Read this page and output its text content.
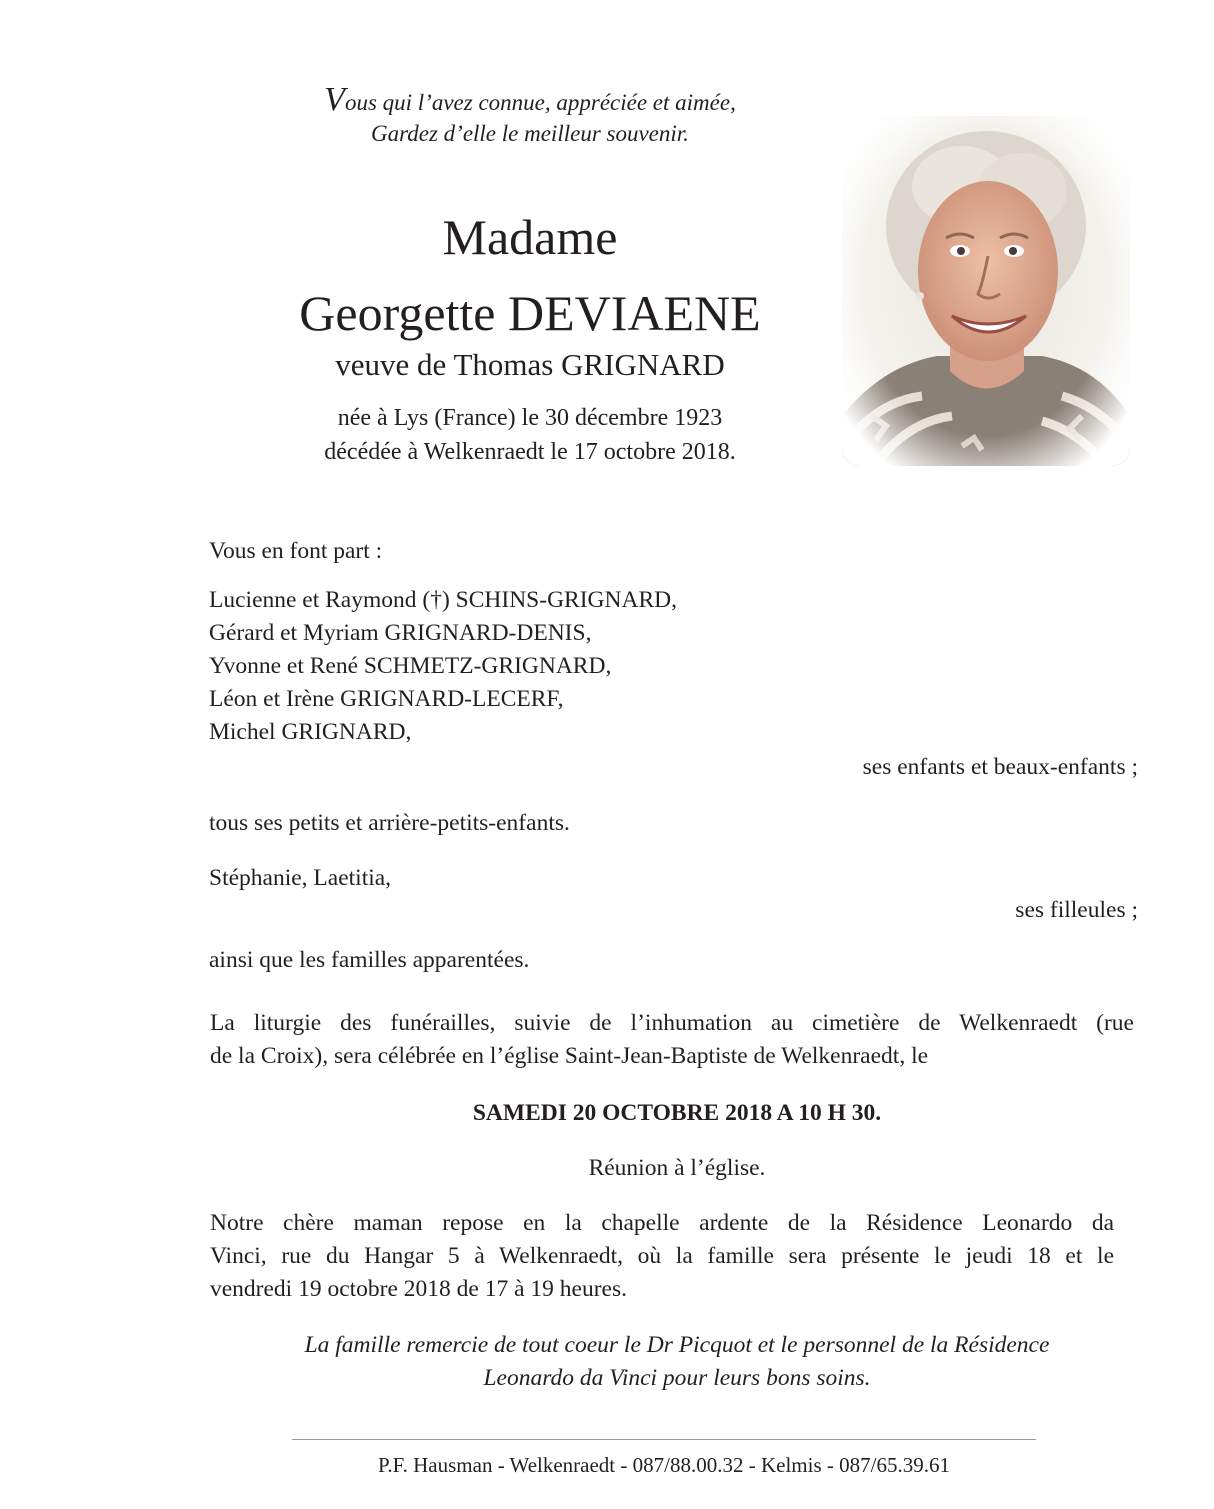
Vous qui l’avez connue, appréciée et aimée,
Gardez d’elle le meilleur souvenir.
Madame
Georgette DEVIAENE
veuve de Thomas GRIGNARD
née à Lys (France) le 30 décembre 1923
décédée à Welkenraedt le 17 octobre 2018.
Vous en font part :
Lucienne et Raymond (†) SCHINS-GRIGNARD,
Gérard et Myriam GRIGNARD-DENIS,
Yvonne et René SCHMETZ-GRIGNARD,
Léon et Irène GRIGNARD-LECERF,
Michel GRIGNARD,
ses enfants et beaux-enfants ;
tous ses petits et arrière-petits-enfants.
Stéphanie, Laetitia,
ses filleules ;
ainsi que les familles apparentées.
La liturgie des funérailles, suivie de l’inhumation au cimetière de Welkenraedt (rue
de la Croix), sera célébrée en l’église Saint-Jean-Baptiste de Welkenraedt, le
SAMEDI 20 OCTOBRE 2018 A 10 H 30.
Réunion à l’église.
Notre chère maman repose en la chapelle ardente de la Résidence Leonardo da
Vinci, rue du Hangar 5 à Welkenraedt, où la famille sera présente le jeudi 18 et le
vendredi 19 octobre 2018 de 17 à 19 heures.
La famille remercie de tout coeur le Dr Picquot et le personnel de la Résidence
Leonardo da Vinci pour leurs bons soins.
P.F. Hausman - Welkenraedt - 087/88.00.32 - Kelmis - 087/65.39.61
